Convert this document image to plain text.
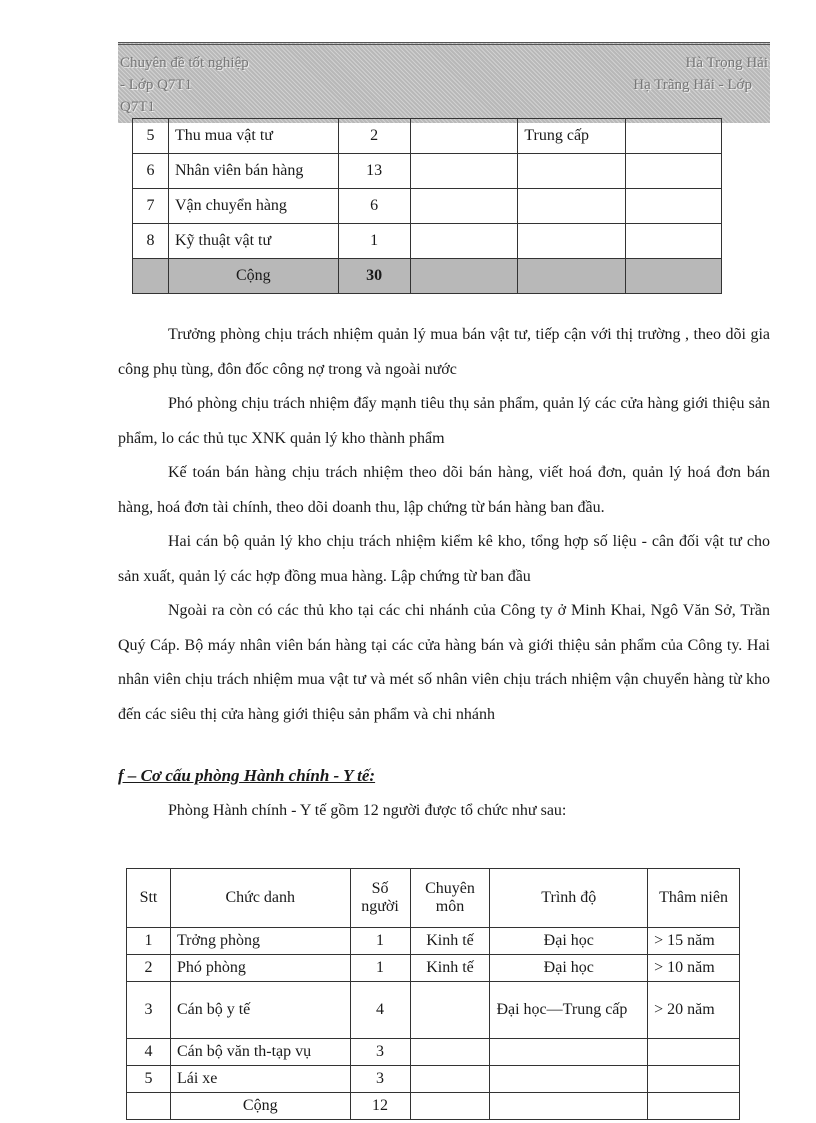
Chuyên đề tốt nghiệp
- Lớp Q7T1
Q7T1
Hà Trọng Hải
Hạ Trãng Hải - Lớp
5	Thu mua vật tư	2		Trung cấp	
6	Nhân viên bán hàng	13			
7	Vận chuyển hàng	6			
8	Kỹ thuật vật tư	1			
	Cộng	30			

Trưởng phòng chịu trách nhiệm quản lý mua bán vật tư, tiếp cận với thị trường , theo dõi gia công phụ tùng, đôn đốc công nợ trong và ngoài nước

Phó phòng chịu trách nhiệm đẩy mạnh tiêu thụ sản phẩm, quản lý các cửa hàng giới thiệu sản phẩm, lo các thủ tục XNK quản lý kho thành phẩm

Kế toán bán hàng chịu trách nhiệm theo dõi bán hàng, viết hoá đơn, quản lý hoá đơn bán hàng, hoá đơn tài chính, theo dõi doanh thu, lập chứng từ bán hàng ban đầu.

Hai cán bộ quản lý kho chịu trách nhiệm kiểm kê kho, tổng hợp số liệu - cân đối vật tư cho sản xuất, quản lý các hợp đồng mua hàng. Lập chứng từ ban đầu

Ngoài ra còn có các thủ kho tại các chi nhánh của Công ty ở Minh Khai, Ngô Văn Sở, Trần Quý Cáp. Bộ máy nhân viên bán hàng tại các cửa hàng bán và giới thiệu sản phẩm của Công ty. Hai nhân viên chịu trách nhiệm mua vật tư và mét số nhân viên chịu trách nhiệm vận chuyển hàng từ kho đến các siêu thị cửa hàng giới thiệu sản phẩm và chi nhánh

f – Cơ cấu phòng Hành chính - Y tế:
Phòng Hành chính - Y tế gồm 12 người được tổ chức như sau:
Stt	Chức danh	Số người	Chuyên môn	Trình độ	Thâm niên
1	Trởng phòng	1	Kinh tế	Đại học	> 15 năm
2	Phó phòng	1	Kinh tế	Đại học	> 10 năm
3	Cán bộ y tế	4		Đại học—Trung cấp	> 20 năm
4	Cán bộ văn th-tạp vụ	3			
5	Lái xe	3			
	Cộng	12			
